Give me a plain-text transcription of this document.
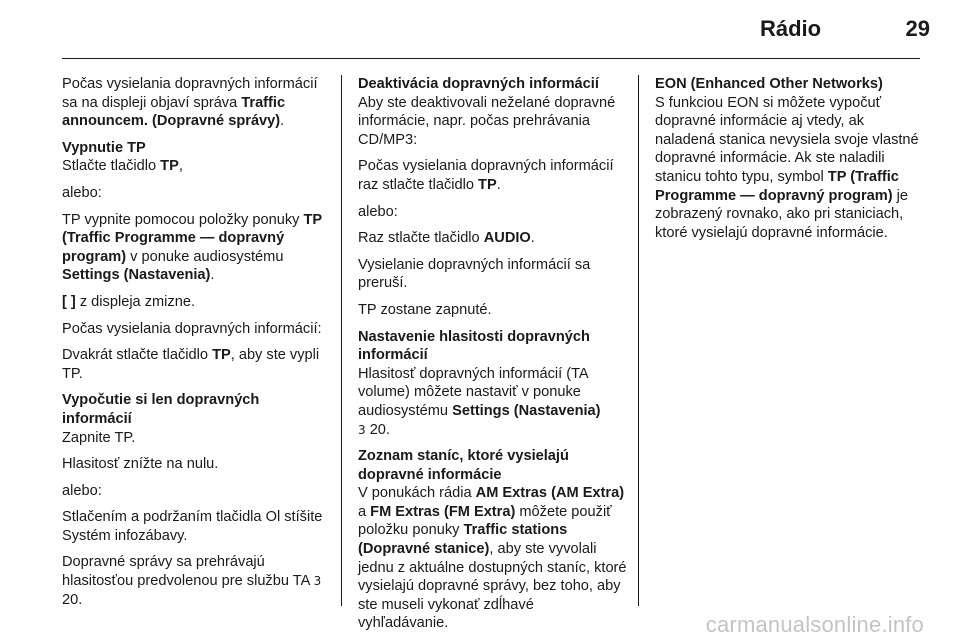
Rádio	29

Počas vysielania dopravných informácií sa na displeji objaví správa Traffic announcem. (Dopravné správy).

Vypnutie TP

Stlačte tlačidlo TP,

alebo:

TP vypnite pomocou položky ponuky TP (Traffic Programme — dopravný program) v ponuke audiosystému Settings (Nastavenia).

[ ] z displeja zmizne.

Počas vysielania dopravných informácií:

Dvakrát stlačte tlačidlo TP, aby ste vypli TP.

Vypočutie si len dopravných informácií

Zapnite TP.

Hlasitosť znížte na nulu.

alebo:

Stlačením a podržaním tlačidla Ol stíšite Systém infozábavy.

Dopravné správy sa prehrávajú hlasitosťou predvolenou pre službu TA 3 20.

Deaktivácia dopravných informácií

Aby ste deaktivovali neželané dopravné informácie, napr. počas prehrávania CD/MP3:

Počas vysielania dopravných informácií raz stlačte tlačidlo TP.

alebo:

Raz stlačte tlačidlo AUDIO.

Vysielanie dopravných informácií sa preruší.

TP zostane zapnuté.

Nastavenie hlasitosti dopravných informácií

Hlasitosť dopravných informácií (TA volume) môžete nastaviť v ponuke audiosystému Settings (Nastavenia)
3 20.

Zoznam staníc, ktoré vysielajú dopravné informácie

V ponukách rádia AM Extras (AM Extra) a FM Extras (FM Extra) môžete použiť položku ponuky Traffic stations (Dopravné stanice), aby ste vyvolali jednu z aktuálne dostupných staníc, ktoré vysielajú dopravné správy, bez toho, aby ste museli vykonať zdĺhavé vyhľadávanie.

EON (Enhanced Other Networks)

S funkciou EON si môžete vypočuť dopravné informácie aj vtedy, ak naladená stanica nevysiela svoje vlastné dopravné informácie. Ak ste naladili stanicu tohto typu, symbol TP (Traffic Programme — dopravný program) je zobrazený rovnako, ako pri staniciach, ktoré vysielajú dopravné informácie.

carmanualsonline.info
